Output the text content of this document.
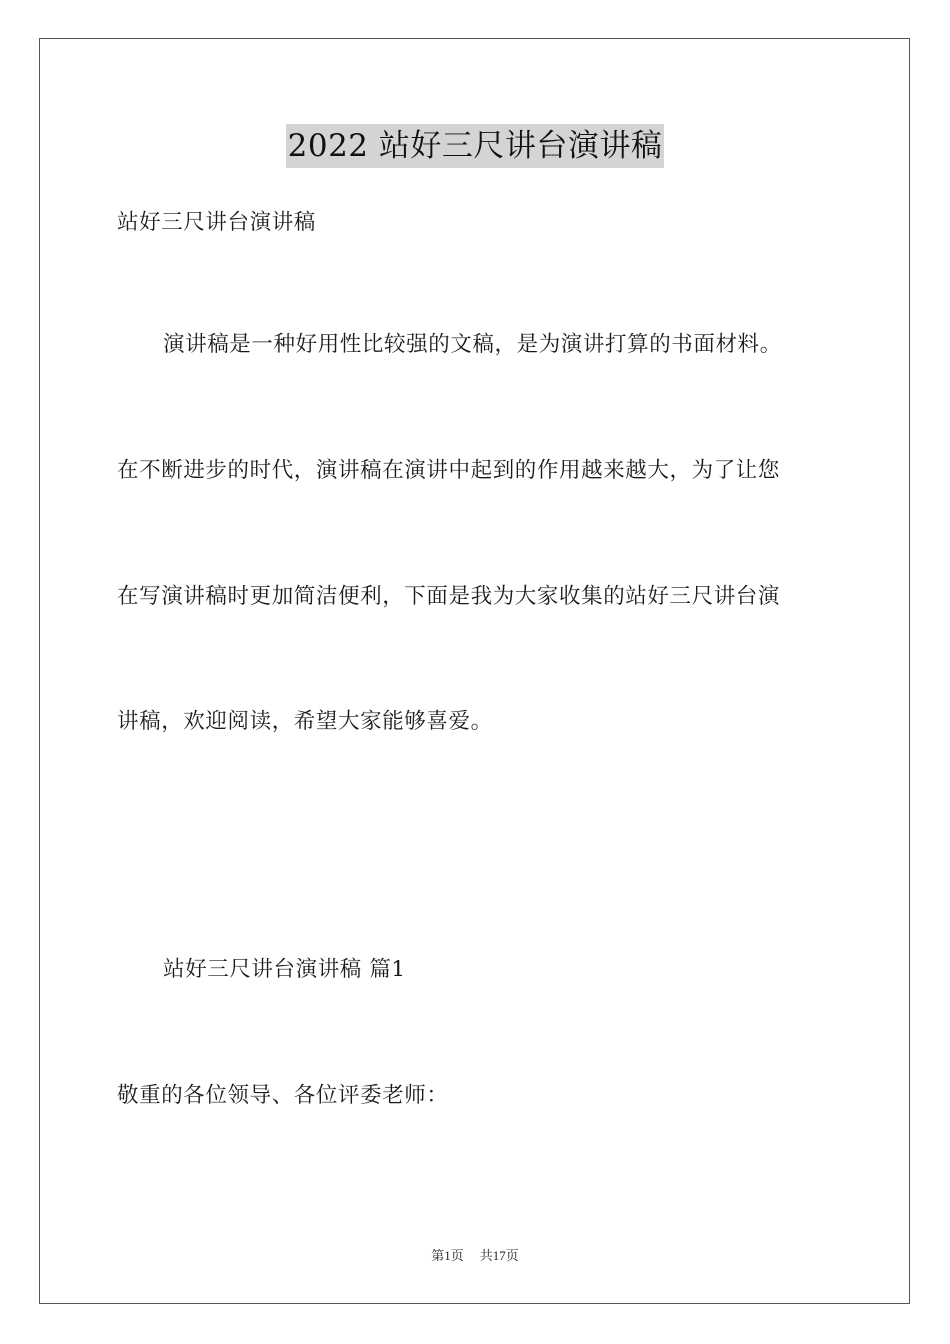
2022 站好三尺讲台演讲稿

站好三尺讲台演讲稿

演讲稿是一种好用性比较强的文稿，是为演讲打算的书面材料。

在不断进步的时代，演讲稿在演讲中起到的作用越来越大，为了让您

在写演讲稿时更加简洁便利，下面是我为大家收集的站好三尺讲台演

讲稿，欢迎阅读，希望大家能够喜爱。

站好三尺讲台演讲稿 篇1

敬重的各位领导、各位评委老师：

第1页 共17页
